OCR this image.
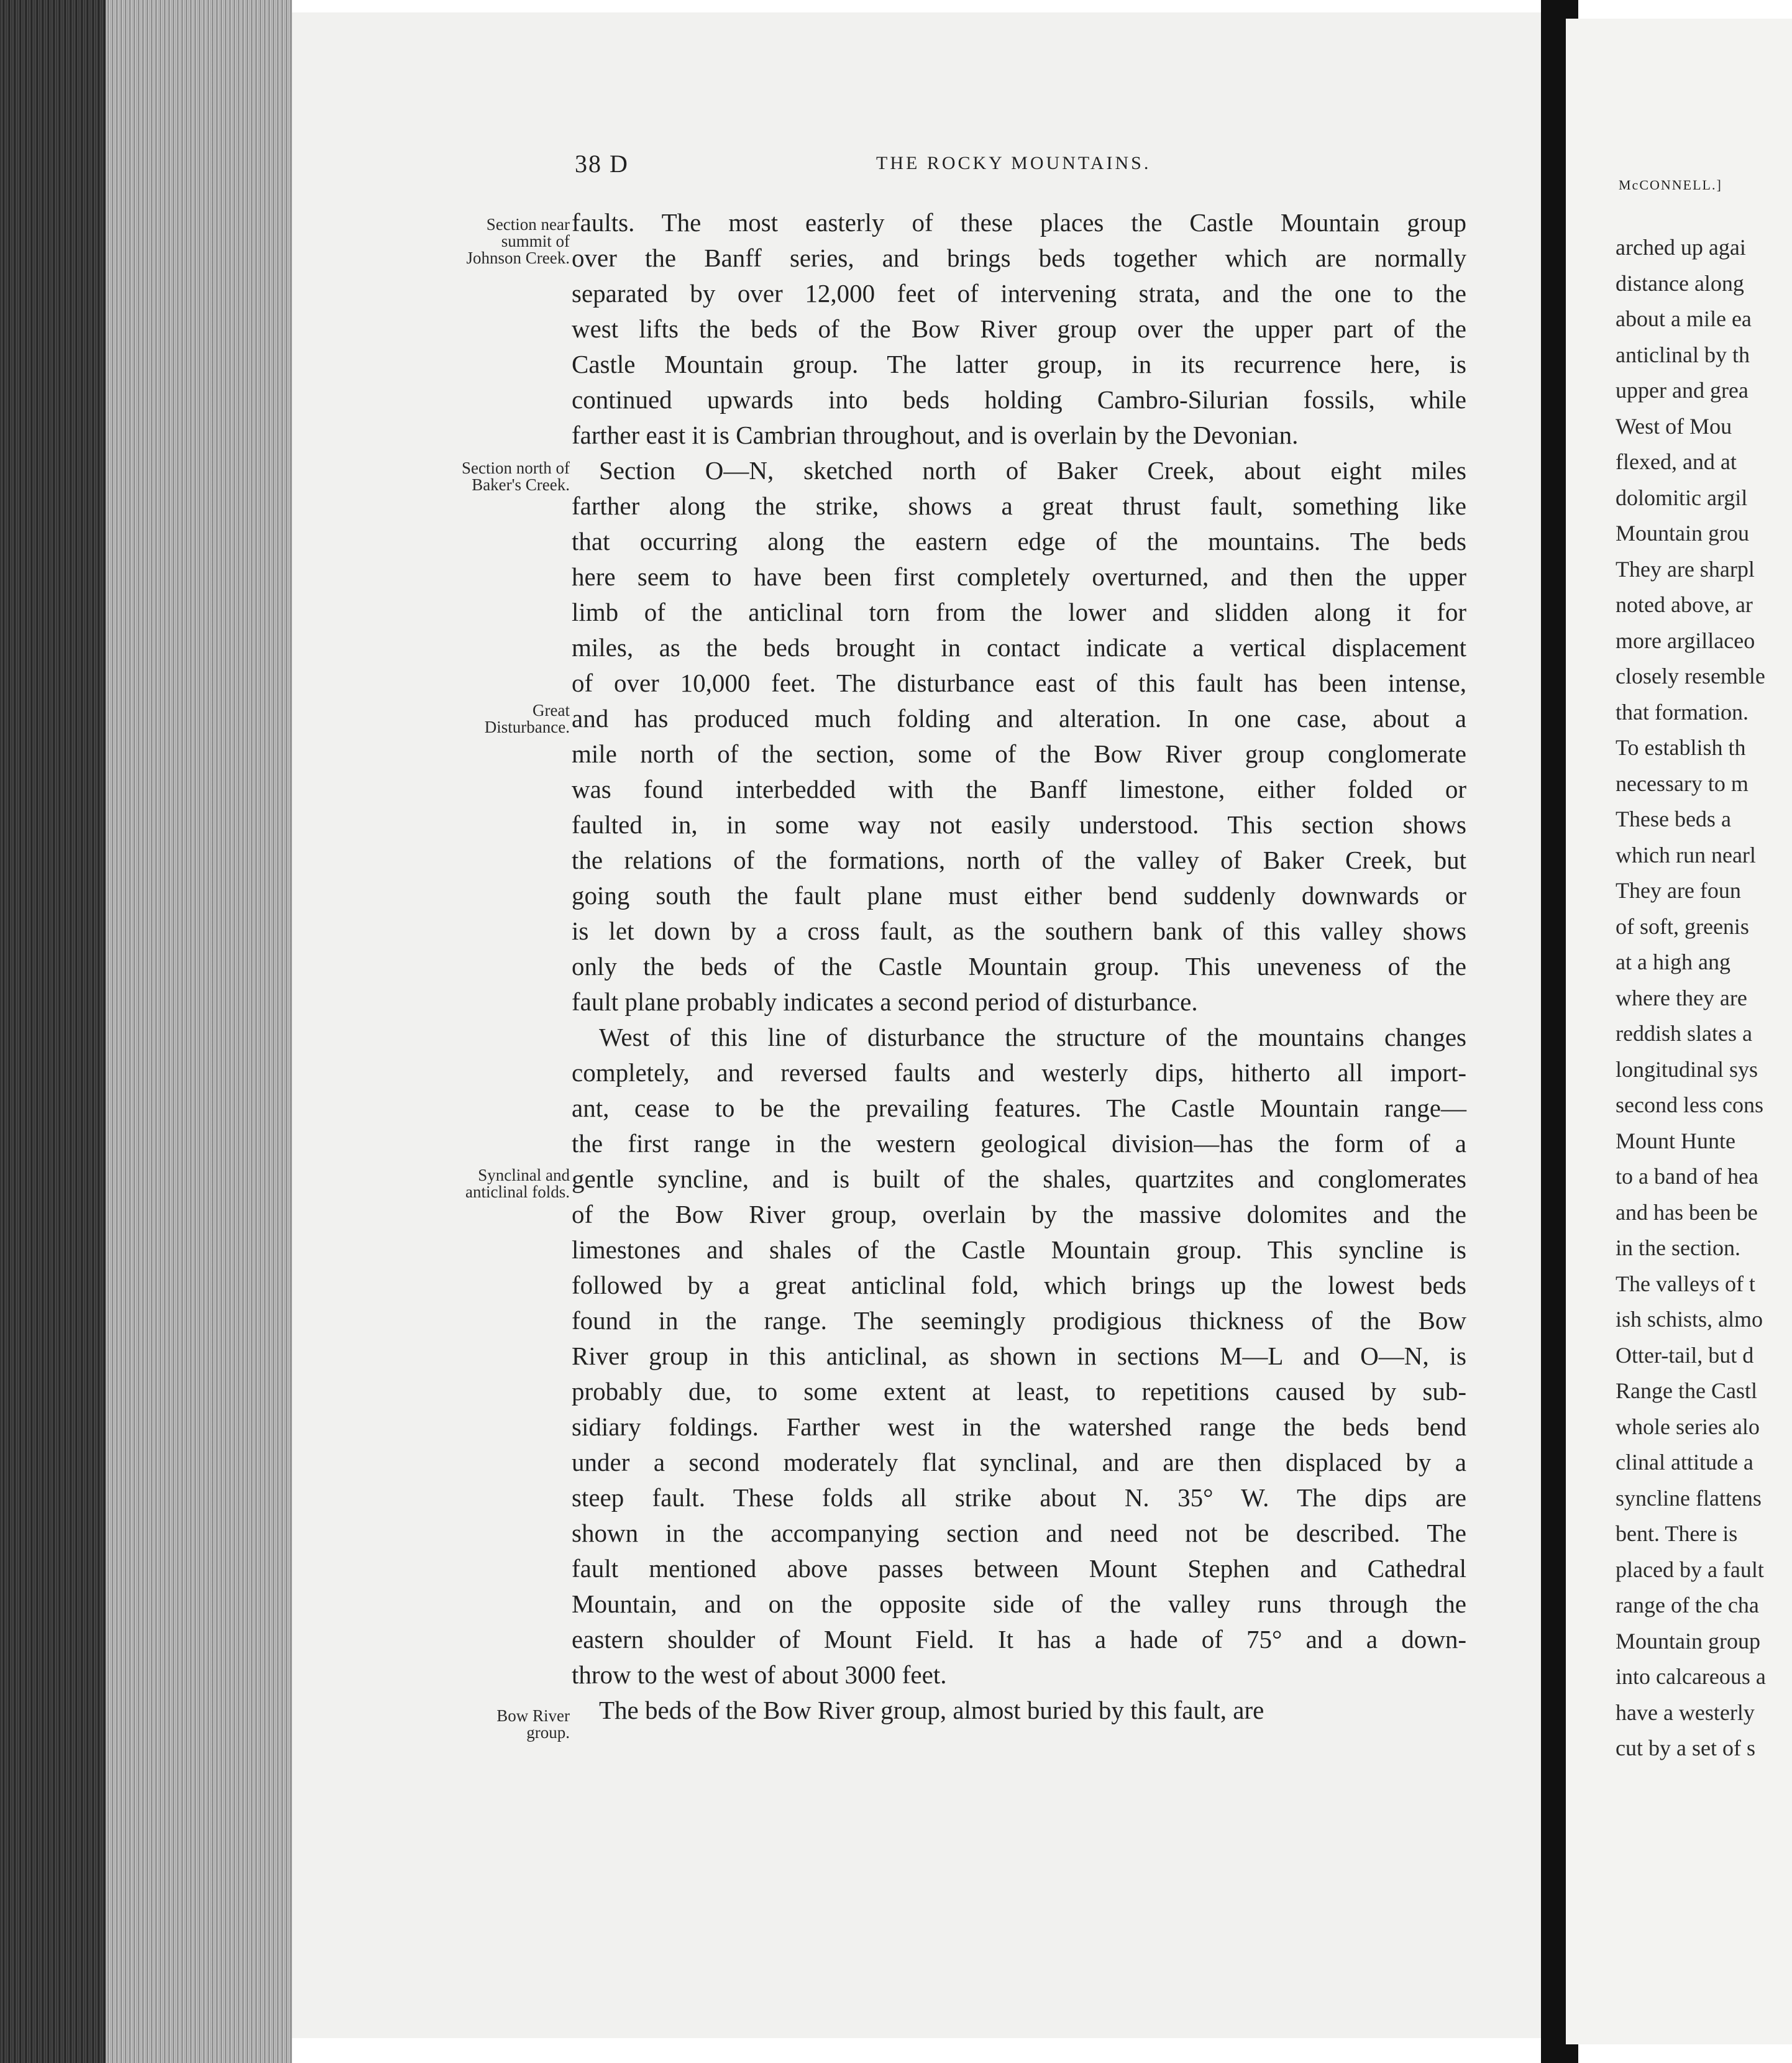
38 D	THE ROCKY MOUNTAINS.
Section near
summit of
Johnson Creek.
Section north of
Baker's Creek.
Great
Disturbance.
Synclinal and
anticlinal folds.
Bow River
group.
faults. The most easterly of these places the Castle Mountain group
over the Banff series, and brings beds together which are normally
separated by over 12,000 feet of intervening strata, and the one to the
west lifts the beds of the Bow River group over the upper part of the
Castle Mountain group. The latter group, in its recurrence here, is
continued upwards into beds holding Cambro-Silurian fossils, while
farther east it is Cambrian throughout, and is overlain by the Devonian.
Section O—N, sketched north of Baker Creek, about eight miles
farther along the strike, shows a great thrust fault, something like
that occurring along the eastern edge of the mountains. The beds
here seem to have been first completely overturned, and then the upper
limb of the anticlinal torn from the lower and slidden along it for
miles, as the beds brought in contact indicate a vertical displacement
of over 10,000 feet. The disturbance east of this fault has been intense,
and has produced much folding and alteration. In one case, about a
mile north of the section, some of the Bow River group conglomerate
was found interbedded with the Banff limestone, either folded or
faulted in, in some way not easily understood. This section shows
the relations of the formations, north of the valley of Baker Creek, but
going south the fault plane must either bend suddenly downwards or
is let down by a cross fault, as the southern bank of this valley shows
only the beds of the Castle Mountain group. This uneveness of the
fault plane probably indicates a second period of disturbance.
West of this line of disturbance the structure of the mountains changes
completely, and reversed faults and westerly dips, hitherto all import-
ant, cease to be the prevailing features. The Castle Mountain range—
the first range in the western geological division—has the form of a
gentle syncline, and is built of the shales, quartzites and conglomerates
of the Bow River group, overlain by the massive dolomites and the
limestones and shales of the Castle Mountain group. This syncline is
followed by a great anticlinal fold, which brings up the lowest beds
found in the range. The seemingly prodigious thickness of the Bow
River group in this anticlinal, as shown in sections M—L and O—N, is
probably due, to some extent at least, to repetitions caused by sub-
sidiary foldings. Farther west in the watershed range the beds bend
under a second moderately flat synclinal, and are then displaced by a
steep fault. These folds all strike about N. 35° W. The dips are
shown in the accompanying section and need not be described. The
fault mentioned above passes between Mount Stephen and Cathedral
Mountain, and on the opposite side of the valley runs through the
eastern shoulder of Mount Field. It has a hade of 75° and a down-
throw to the west of about 3000 feet.
The beds of the Bow River group, almost buried by this fault, are
McCONNELL.]
arched up agai
distance along
about a mile ea
anticlinal by th
upper and grea
West of Mou
flexed, and at
dolomitic argil
Mountain grou
They are sharpl
noted above, ar
more argillaceo
closely resemble
that formation.
To establish th
necessary to m
These beds a
which run nearl
They are foun
of soft, greenis
at a high ang
where they are
reddish slates a
longitudinal sys
second less cons
Mount Hunte
to a band of hea
and has been be
in the section.
The valleys of t
ish schists, almo
Otter-tail, but d
Range the Castl
whole series alo
clinal attitude a
syncline flattens
bent. There is
placed by a fault
range of the cha
Mountain group
into calcareous a
have a westerly
cut by a set of s
